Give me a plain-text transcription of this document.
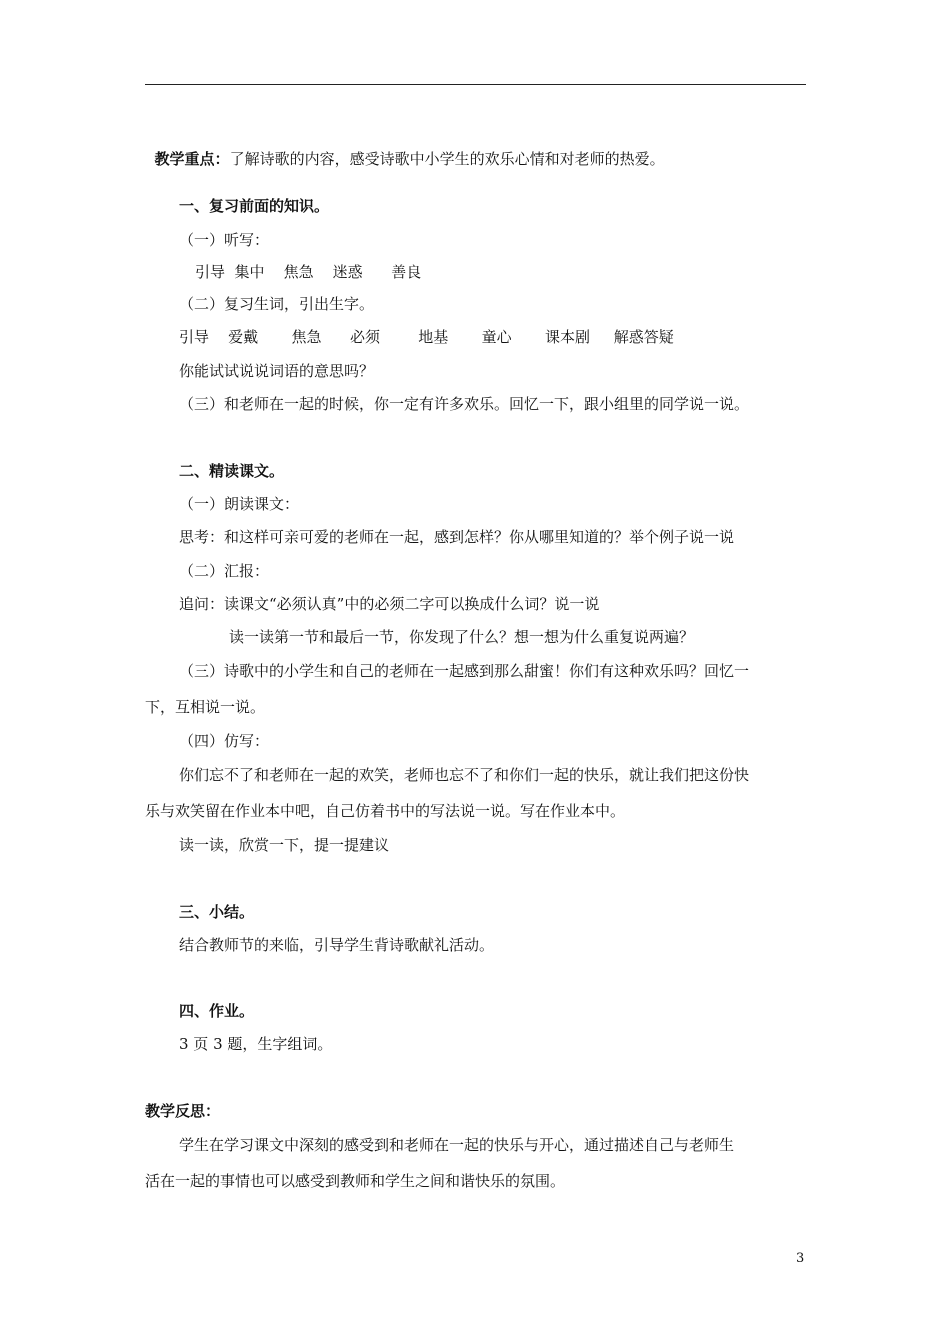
教学重点：了解诗歌的内容，感受诗歌中小学生的欢乐心情和对老师的热爱。

一、复习前面的知识。
（一）听写：
引导  集中    焦急    迷惑      善良
（二）复习生词，引出生字。
引导    爱戴       焦急      必须        地基       童心       课本剧     解惑答疑
你能试试说说词语的意思吗？
（三）和老师在一起的时候，你一定有许多欢乐。回忆一下，跟小组里的同学说一说。
二、精读课文。
（一）朗读课文：
思考：和这样可亲可爱的老师在一起，感到怎样？你从哪里知道的？举个例子说一说
（二）汇报：
追问：读课文“必须认真”中的必须二字可以换成什么词？说一说
读一读第一节和最后一节，你发现了什么？想一想为什么重复说两遍？
（三）诗歌中的小学生和自己的老师在一起感到那么甜蜜！你们有这种欢乐吗？回忆一
下，互相说一说。
（四）仿写：
你们忘不了和老师在一起的欢笑，老师也忘不了和你们一起的快乐，就让我们把这份快
乐与欢笑留在作业本中吧，自己仿着书中的写法说一说。写在作业本中。
读一读，欣赏一下，提一提建议
三、小结。
结合教师节的来临，引导学生背诗歌献礼活动。
四、作业。
3 页 3 题，生字组词。
教学反思：
学生在学习课文中深刻的感受到和老师在一起的快乐与开心，通过描述自己与老师生
活在一起的事情也可以感受到教师和学生之间和谐快乐的氛围。
3
